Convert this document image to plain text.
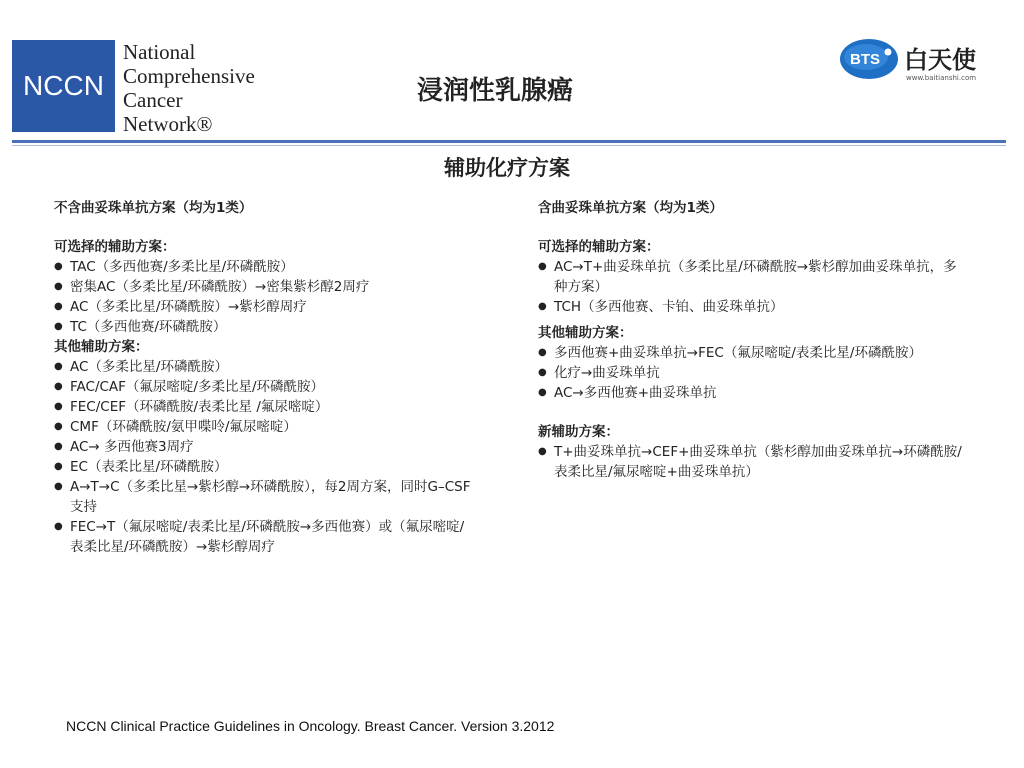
NCCN
National
Comprehensive
Cancer
Network®
浸润性乳腺癌
BTS 白天使
www.baitianshi.com
辅助化疗方案

不含曲妥珠单抗方案（均为1类）

可选择的辅助方案：

● TAC（多西他赛/多柔比星/环磷酰胺）
● 密集AC（多柔比星/环磷酰胺）→密集紫杉醇2周疗
● AC（多柔比星/环磷酰胺）→紫杉醇周疗
● TC（多西他赛/环磷酰胺）

其他辅助方案：

● AC（多柔比星/环磷酰胺）
● FAC/CAF（氟尿嘧啶/多柔比星/环磷酰胺）
● FEC/CEF（环磷酰胺/表柔比星 /氟尿嘧啶）
● CMF（环磷酰胺/氨甲喋呤/氟尿嘧啶）
● AC→ 多西他赛3周疗
● EC（表柔比星/环磷酰胺）
● A→T→C（多柔比星→紫杉醇→环磷酰胺），每2周方案，同时G–CSF支持
● FEC→T（氟尿嘧啶/表柔比星/环磷酰胺→多西他赛）或（氟尿嘧啶/表柔比星/环磷酰胺）→紫杉醇周疗

含曲妥珠单抗方案（均为1类）

可选择的辅助方案：

● AC→T+曲妥珠单抗（多柔比星/环磷酰胺→紫杉醇加曲妥珠单抗，多种方案）
● TCH（多西他赛、卡铂、曲妥珠单抗）

其他辅助方案：

● 多西他赛+曲妥珠单抗→FEC（氟尿嘧啶/表柔比星/环磷酰胺）
● 化疗→曲妥珠单抗
● AC→多西他赛+曲妥珠单抗

新辅助方案：

● T+曲妥珠单抗→CEF+曲妥珠单抗（紫杉醇加曲妥珠单抗→环磷酰胺/表柔比星/氟尿嘧啶+曲妥珠单抗）
NCCN Clinical Practice Guidelines in Oncology. Breast Cancer. Version 3.2012
